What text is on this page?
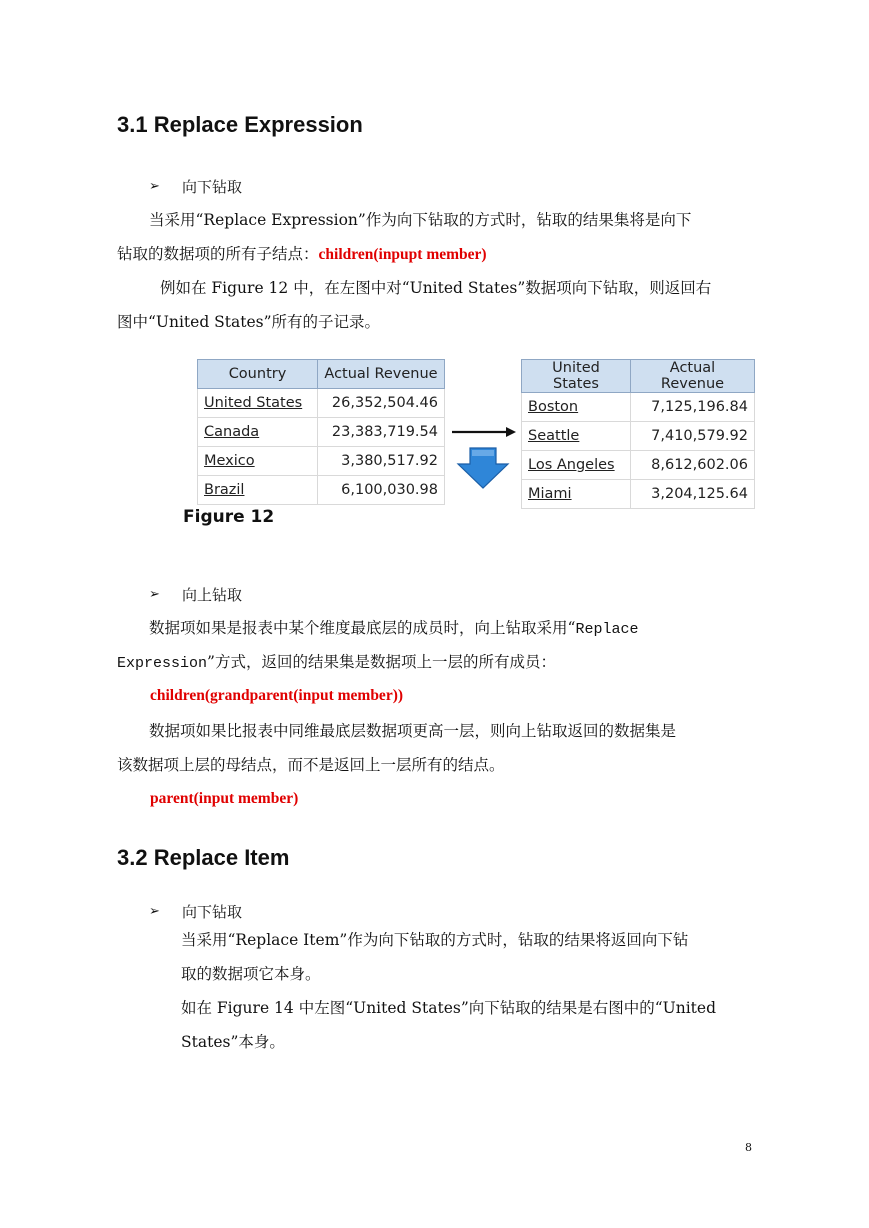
3.1 Replace Expression
➢	向下钻取
当采用“Replace Expression”作为向下钻取的方式时，钻取的结果集将是向下
钻取的数据项的所有子结点：children(inpupt member)
例如在 Figure 12 中，在左图中对“United States”数据项向下钻取，则返回右
图中“United States”所有的子记录。
Country	Actual Revenue
United States	26,352,504.46
Canada	23,383,719.54
Mexico	3,380,517.92
Brazil	6,100,030.98
United States	Actual Revenue
Boston	7,125,196.84
Seattle	7,410,579.92
Los Angeles	8,612,602.06
Miami	3,204,125.64
Figure 12
➢	向上钻取
数据项如果是报表中某个维度最底层的成员时，向上钻取采用“Replace
Expression”方式，返回的结果集是数据项上一层的所有成员：
children(grandparent(input member))
数据项如果比报表中同维最底层数据项更高一层，则向上钻取返回的数据集是
该数据项上层的母结点，而不是返回上一层所有的结点。
parent(input member)
3.2 Replace Item
➢	向下钻取
当采用“Replace Item”作为向下钻取的方式时，钻取的结果将返回向下钻
取的数据项它本身。
如在 Figure 14 中左图“United States”向下钻取的结果是右图中的“United
States”本身。
8
